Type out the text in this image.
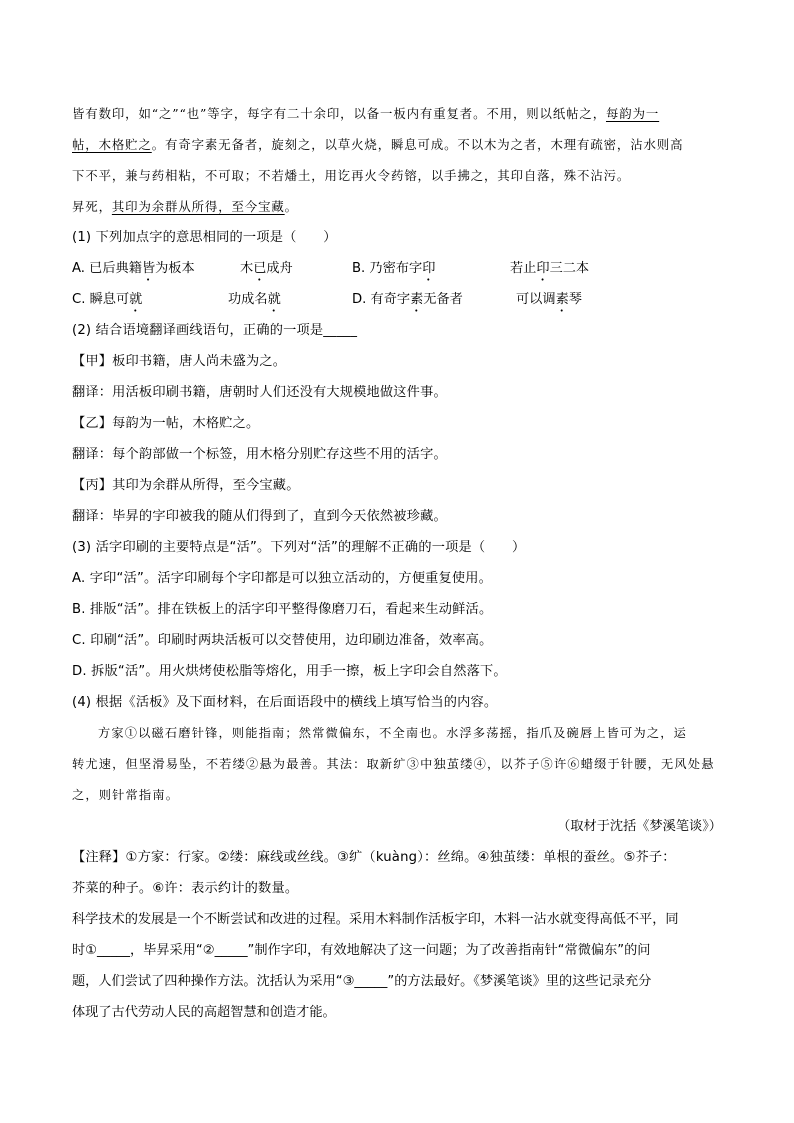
皆有数印，如“之”“也”等字，每字有二十余印，以备一板内有重复者。不用，则以纸帖之，每韵为一
帖，木格贮之。有奇字素无备者，旋刻之，以草火烧，瞬息可成。不以木为之者，木理有疏密，沾水则高
下不平，兼与药相粘，不可取；不若燔土，用讫再火令药镕，以手拂之，其印自落，殊不沾污。
昇死，其印为余群从所得，至今宝藏。
(1) 下列加点字的意思相同的一项是（　　）
A. 已后典籍皆为板本	木已成舟	B. 乃密布字印	若止印三二本
C. 瞬息可就	功成名就	D. 有奇字素无备者	可以调素琴
(2) 结合语境翻译画线语句，正确的一项是_____
【甲】板印书籍，唐人尚未盛为之。
翻译：用活板印刷书籍，唐朝时人们还没有大规模地做这件事。
【乙】每韵为一帖，木格贮之。
翻译：每个韵部做一个标签，用木格分别贮存这些不用的活字。
【丙】其印为余群从所得，至今宝藏。
翻译：毕昇的字印被我的随从们得到了，直到今天依然被珍藏。
(3) 活字印刷的主要特点是“活”。下列对“活”的理解不正确的一项是（　　）
A. 字印“活”。活字印刷每个字印都是可以独立活动的，方便重复使用。
B. 排版“活”。排在铁板上的活字印平整得像磨刀石，看起来生动鲜活。
C. 印刷“活”。印刷时两块活板可以交替使用，边印刷边准备，效率高。
D. 拆版“活”。用火烘烤使松脂等熔化，用手一擦，板上字印会自然落下。
(4) 根据《活板》及下面材料，在后面语段中的横线上填写恰当的内容。
方家①以磁石磨针锋，则能指南；然常微偏东，不全南也。水浮多荡摇，指爪及碗唇上皆可为之，运
转尤速，但坚滑易坠，不若缕②悬为最善。其法：取新纩③中独茧缕④，以芥子⑤许⑥蜡缀于针腰，无风处悬
之，则针常指南。
（取材于沈括《梦溪笔谈》）
【注释】①方家：行家。②缕：麻线或丝线。③纩（kuàng）：丝绵。④独茧缕：单根的蚕丝。⑤芥子：
芥菜的种子。⑥许：表示约计的数量。
科学技术的发展是一个不断尝试和改进的过程。采用木料制作活板字印，木料一沾水就变得高低不平，同
时①_____，毕昇采用“②_____”制作字印，有效地解决了这一问题；为了改善指南针“常微偏东”的问
题，人们尝试了四种操作方法。沈括认为采用“③_____”的方法最好。《梦溪笔谈》里的这些记录充分
体现了古代劳动人民的高超智慧和创造才能。
